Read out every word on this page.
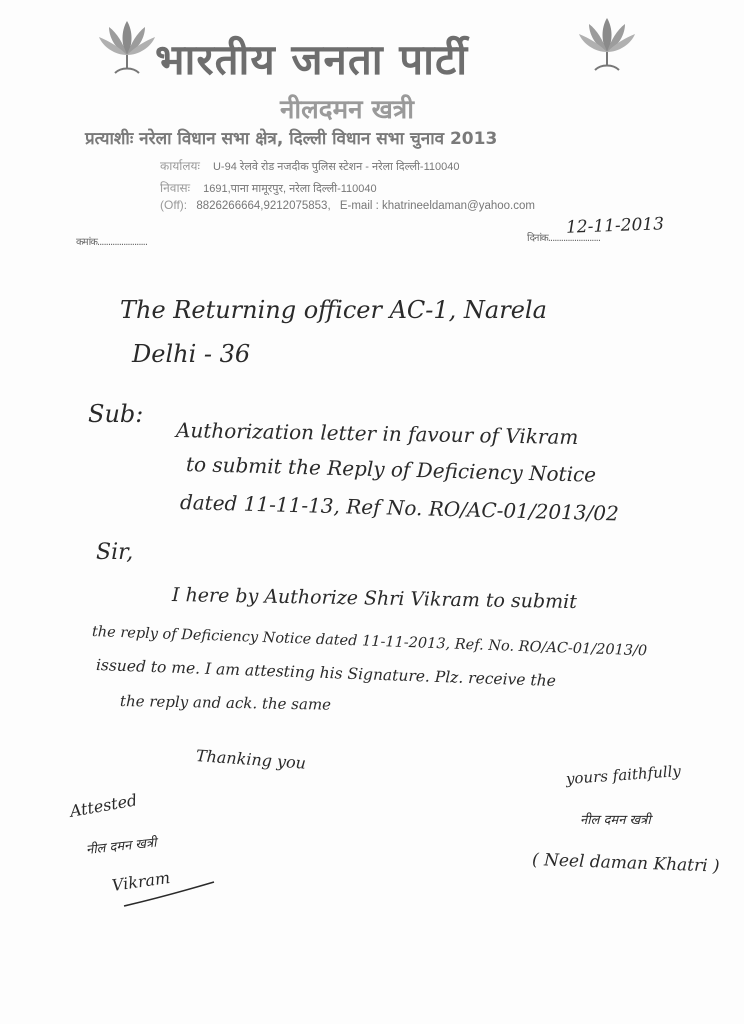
भारतीय जनता पार्टी
नीलदमन खत्री
प्रत्याशीः नरेला विधान सभा क्षेत्र, दिल्ली विधान सभा चुनाव 2013
कार्यालयः U-94 रेलवे रोड नजदीक पुलिस स्टेशन - नरेला दिल्ली-110040
निवासः 1691,पाना मामूरपुर, नरेला दिल्ली-110040
(Off): 8826266664,9212075853, E-mail : khatrineeldaman@yahoo.com
कमांक.......................	दिनांक........................
12-11-2013
The Returning officer AC-1, Narela
Delhi - 36
Sub:
Authorization letter in favour of Vikram
to submit the Reply of Deficiency Notice
dated 11-11-13, Ref No. RO/AC-01/2013/02
Sir,
I here by Authorize Shri Vikram to submit
the reply of Deficiency Notice dated 11-11-2013, Ref. No. RO/AC-01/2013/0
issued to me. I am attesting his Signature. Plz. receive the
the reply and ack. the same
Thanking you
yours faithfully
नील दमन खत्री
( Neel daman Khatri )
Attested
नील दमन खत्री
Vikram
